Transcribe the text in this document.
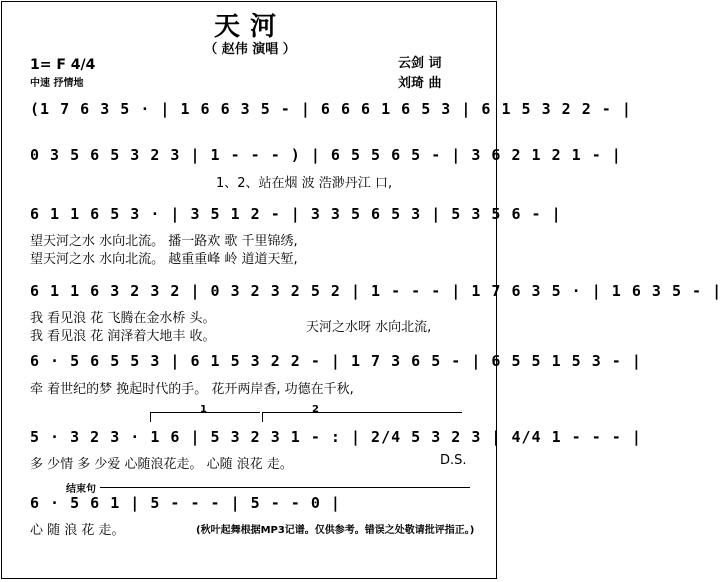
天河
（ 赵伟 演唱 ）
1= F 4/4
中速 抒情地
云剑 词
刘琦 曲
(1 7 6 3 5 · | 1 6 6 3 5 - | 6 6 6 1 6 5 3 | 6 1 5 3 2 2 - |
0 3 5 6 5 3 2 3 | 1 - - - ) | 6 5 5 6 5 - | 3 6 2 1 2 1 - |
1、2、站在烟 波 浩渺丹江 口,
6 1 1 6 5 3 · | 3 5 1 2 - | 3 3 5 6 5 3 | 5 3 5 6 - |
望天河之水 水向北流。 播一路欢 歌 千里锦绣,
望天河之水 水向北流。 越重重峰 岭 道道天堑,
6 1 1 6 3 2 3 2 | 0 3 2 3 2 5 2 | 1 - - - | 1 7 6 3 5 · | 1 6 3 5 - |
我 看见浪 花 飞腾在金水桥 头。
我 看见浪 花 润泽着大地丰 收。
天河之水呀 水向北流,
6 · 5 6 5 5 3 | 6 1 5 3 2 2 - | 1 7 3 6 5 - | 6 5 5 1 5 3 - |
牵 着世纪的梦 挽起时代的手。 花开两岸香, 功德在千秋,
1	2
5 · 3 2 3 · 1 6 | 5 3 2 3 1 - : | 2/4 5 3 2 3 | 4/4 1 - - - |
多 少情 多 少爱 心随浪花走。 心随 浪花 走。	D.S.
结束句
6 · 5 6 1 | 5 - - - | 5 - - 0 |
心 随 浪 花 走。	(秋叶起舞根据MP3记谱。仅供参考。错误之处敬请批评指正。)
